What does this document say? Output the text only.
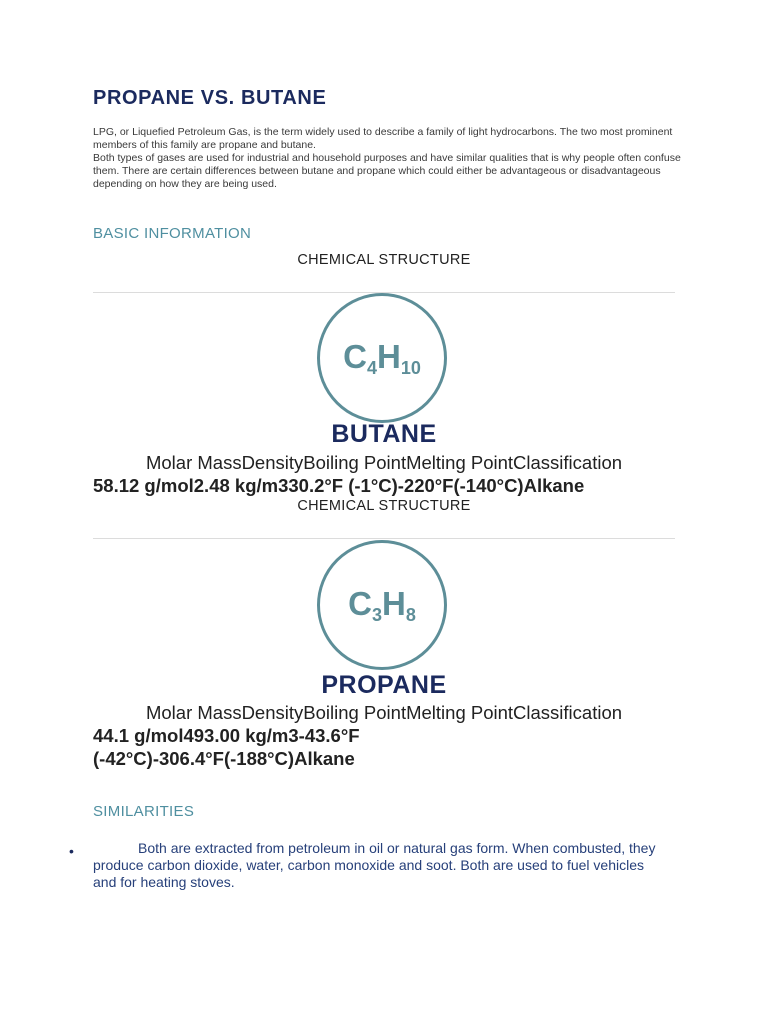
PROPANE VS. BUTANE

LPG, or Liquefied Petroleum Gas, is the term widely used to describe a family of light hydrocarbons. The two most prominent members of this family are propane and butane.

Both types of gases are used for industrial and household purposes and have similar qualities that is why people often confuse them. There are certain differences between butane and propane which could either be advantageous or disadvantageous depending on how they are being used.

BASIC INFORMATION
CHEMICAL STRUCTURE
$C_4H_{10}$
BUTANE
Molar MassDensityBoiling PointMelting PointClassification
58.12 g/mol2.48 kg/m330.2°F (-1°C)-220°F(-140°C)Alkane
CHEMICAL STRUCTURE
$C_3H_8$
PROPANE
Molar MassDensityBoiling PointMelting PointClassification
44.1 g/mol493.00 kg/m3-43.6°F (-42°C)-306.4°F(-188°C)Alkane
SIMILARITIES
•	Both are extracted from petroleum in oil or natural gas form. When combusted, they produce carbon dioxide, water, carbon monoxide and soot. Both are used to fuel vehicles and for heating stoves.
